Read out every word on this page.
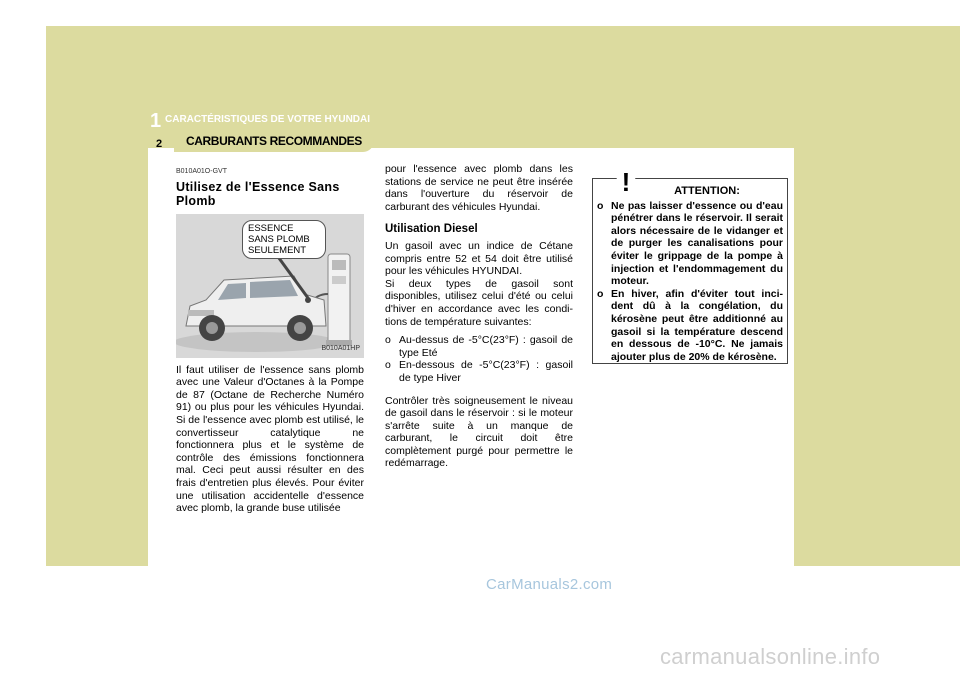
1 CARACTÉRISTIQUES DE VOTRE HYUNDAI
2	CARBURANTS RECOMMANDES
B010A01O-GVT
Utilisez de l'Essence Sans Plomb
ESSENCE SANS PLOMB SEULEMENT
B010A01HP

Il faut utiliser de l'essence sans plomb avec une Valeur d'Octanes à la Pompe de 87 (Octane de Recherche Numéro 91) ou plus pour les véhicules Hyundai. Si de l'essence avec plomb est utilisé, le convertisseur catalytique ne fonctionnera plus et le système de contrôle des émissions fonctionnera mal. Ceci peut aussi résulter en des frais d'entretien plus élevés. Pour éviter une utilisation accidentelle d'essence avec plomb, la grande buse utilisée

pour l'essence avec plomb dans les stations de service ne peut être insérée dans l'ouverture du réservoir de carburant des véhicules Hyundai.

Utilisation Diesel

Un gasoil avec un indice de Cétane compris entre 52 et 54 doit être utilisé pour les véhicules HYUNDAI.

Si deux types de gasoil sont disponibles, utilisez celui d'été ou celui d'hiver en accordance avec les condi- tions de température suivantes:

o Au-dessus de -5°C(23°F) : gasoil de type Eté
o En-dessous de -5°C(23°F) : gasoil de type Hiver

Contrôler très soigneusement le niveau de gasoil dans le réservoir : si le moteur s'arrête suite à un manque de carburant, le circuit doit être complètement purgé pour permettre le redémarrage.

ATTENTION:
o Ne pas laisser d'essence ou d'eau pénétrer dans le réservoir. Il serait alors nécessaire de le vidanger et de purger les canalisations pour éviter le grippage de la pompe à injection et l'endommagement du moteur.
o En hiver, afin d'éviter tout inci- dent dû à la congélation, du kérosène peut être additionné au gasoil si la température descend en dessous de -10°C. Ne jamais ajouter plus de 20% de kérosène.
!
CarManuals2.com
carmanualsonline.info
